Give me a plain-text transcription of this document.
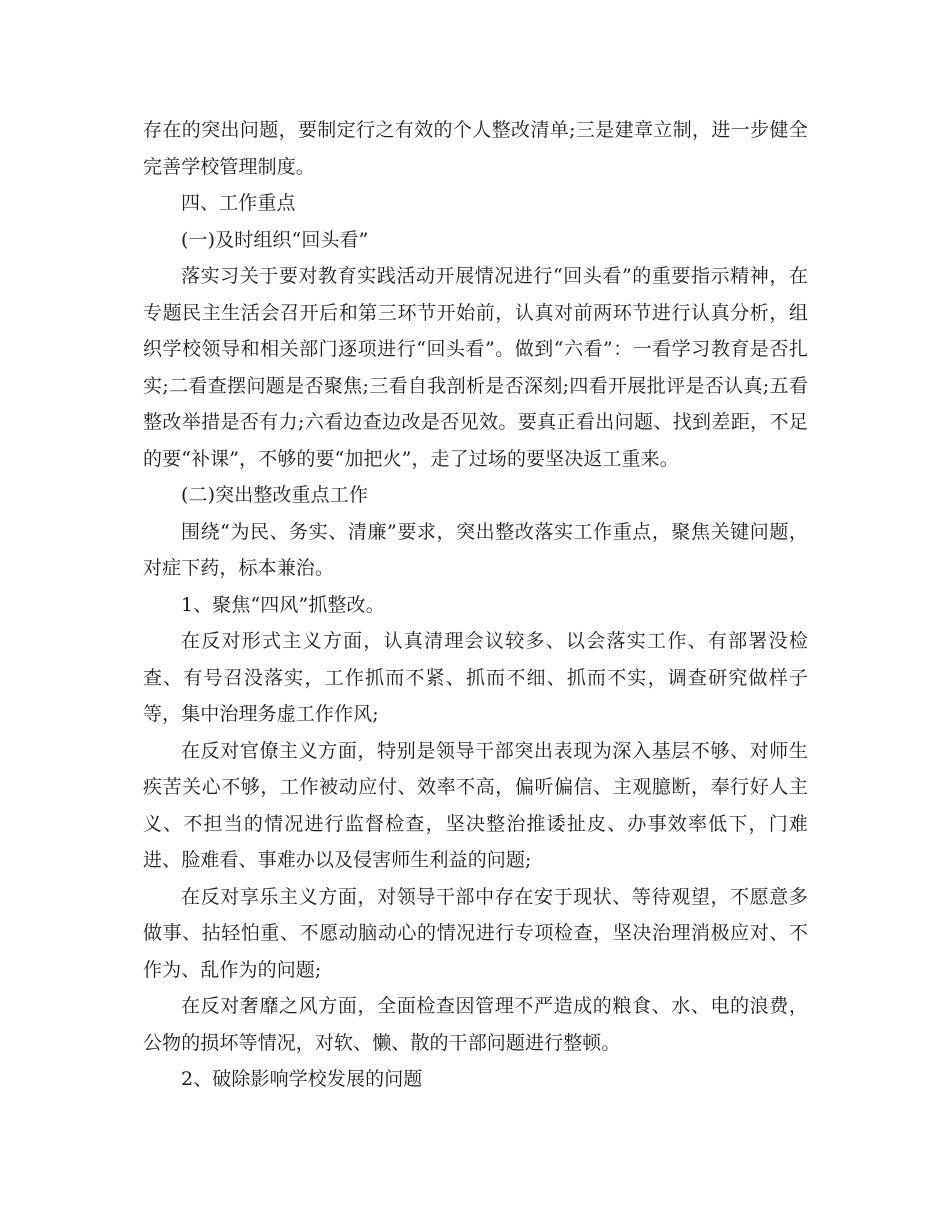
存在的突出问题，要制定行之有效的个人整改清单;三是建章立制，进一步健全完善学校管理制度。

四、工作重点

(一)及时组织“回头看”

落实习关于要对教育实践活动开展情况进行“回头看”的重要指示精神，在专题民主生活会召开后和第三环节开始前，认真对前两环节进行认真分析，组织学校领导和相关部门逐项进行“回头看”。做到“六看”：一看学习教育是否扎实;二看查摆问题是否聚焦;三看自我剖析是否深刻;四看开展批评是否认真;五看整改举措是否有力;六看边查边改是否见效。要真正看出问题、找到差距，不足的要“补课”，不够的要“加把火”，走了过场的要坚决返工重来。

(二)突出整改重点工作

围绕“为民、务实、清廉”要求，突出整改落实工作重点，聚焦关键问题，对症下药，标本兼治。

1、聚焦“四风”抓整改。

在反对形式主义方面，认真清理会议较多、以会落实工作、有部署没检查、有号召没落实，工作抓而不紧、抓而不细、抓而不实，调查研究做样子等，集中治理务虚工作作风;

在反对官僚主义方面，特别是领导干部突出表现为深入基层不够、对师生疾苦关心不够，工作被动应付、效率不高，偏听偏信、主观臆断，奉行好人主义、不担当的情况进行监督检查，坚决整治推诿扯皮、办事效率低下，门难进、脸难看、事难办以及侵害师生利益的问题;

在反对享乐主义方面，对领导干部中存在安于现状、等待观望，不愿意多做事、拈轻怕重、不愿动脑动心的情况进行专项检查，坚决治理消极应对、不作为、乱作为的问题;

在反对奢靡之风方面，全面检查因管理不严造成的粮食、水、电的浪费，公物的损坏等情况，对软、懒、散的干部问题进行整顿。

2、破除影响学校发展的问题
